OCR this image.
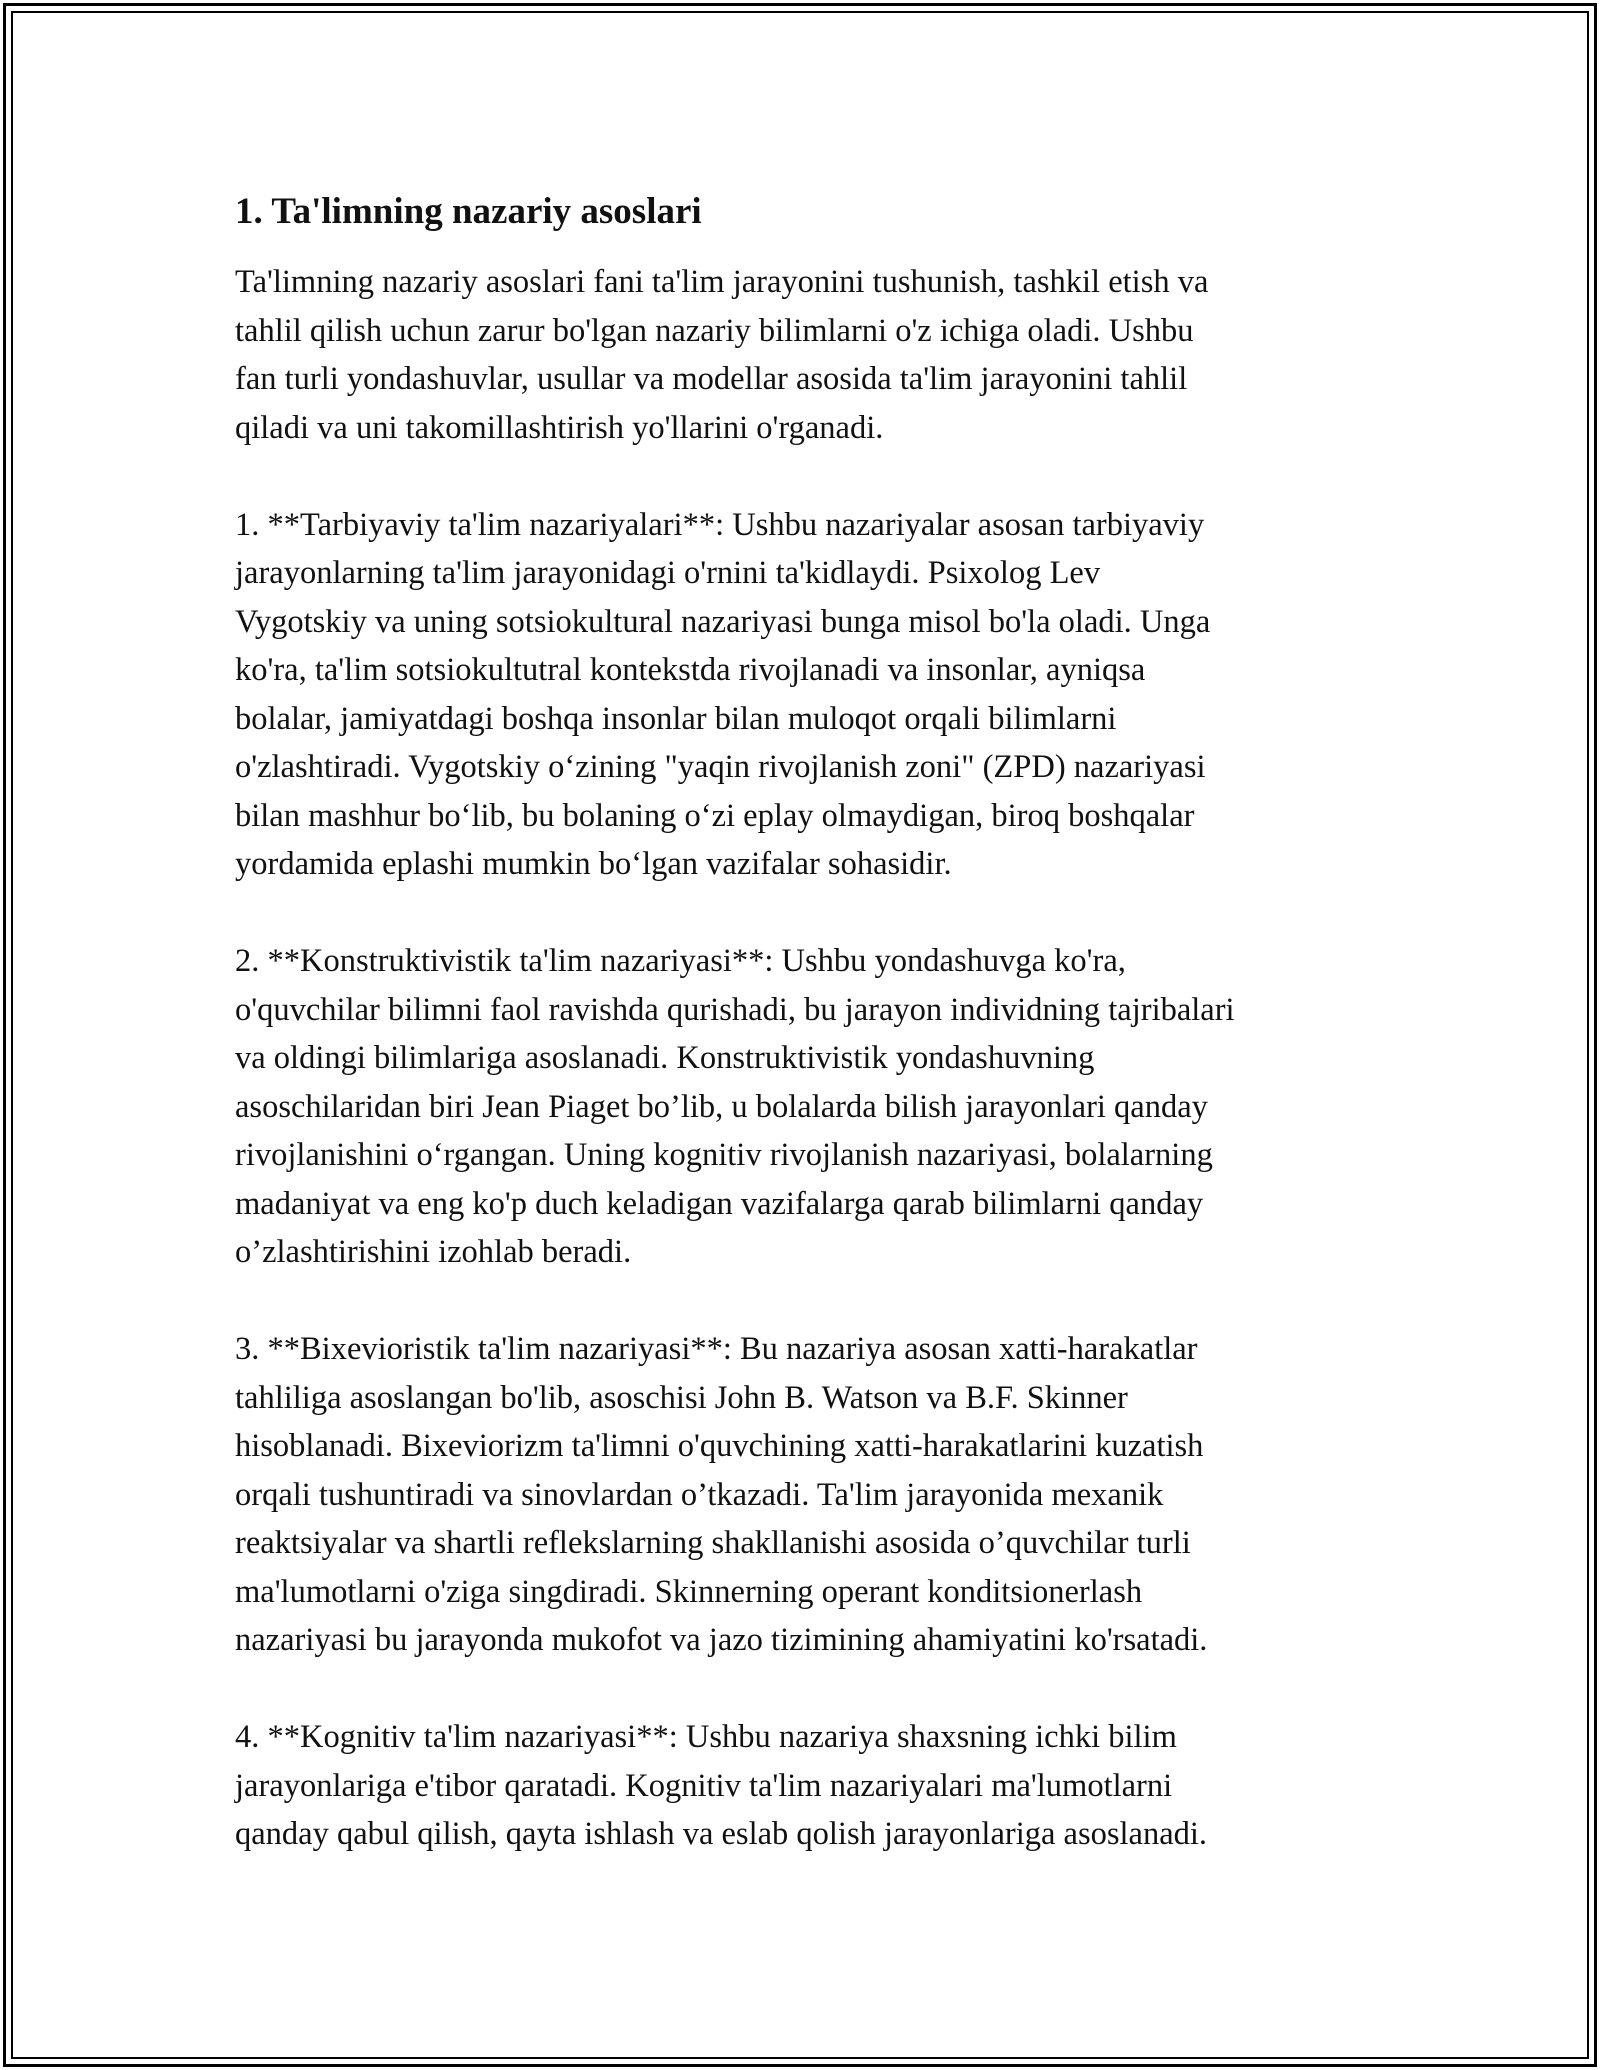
1. Ta'limning nazariy asoslari

Ta'limning nazariy asoslari fani ta'lim jarayonini tushunish, tashkil etish va
tahlil qilish uchun zarur bo'lgan nazariy bilimlarni o'z ichiga oladi. Ushbu
fan turli yondashuvlar, usullar va modellar asosida ta'lim jarayonini tahlil
qiladi va uni takomillashtirish yo'llarini o'rganadi.

1. **Tarbiyaviy ta'lim nazariyalari**: Ushbu nazariyalar asosan tarbiyaviy
jarayonlarning ta'lim jarayonidagi o'rnini ta'kidlaydi. Psixolog Lev
Vygotskiy va uning sotsiokultural nazariyasi bunga misol bo'la oladi. Unga
ko'ra, ta'lim sotsiokultutral kontekstda rivojlanadi va insonlar, ayniqsa
bolalar, jamiyatdagi boshqa insonlar bilan muloqot orqali bilimlarni
o'zlashtiradi. Vygotskiy o‘zining "yaqin rivojlanish zoni" (ZPD) nazariyasi
bilan mashhur bo‘lib, bu bolaning o‘zi eplay olmaydigan, biroq boshqalar
yordamida eplashi mumkin bo‘lgan vazifalar sohasidir.

2. **Konstruktivistik ta'lim nazariyasi**: Ushbu yondashuvga ko'ra,
o'quvchilar bilimni faol ravishda qurishadi, bu jarayon individning tajribalari
va oldingi bilimlariga asoslanadi. Konstruktivistik yondashuvning
asoschilaridan biri Jean Piaget bo’lib, u bolalarda bilish jarayonlari qanday
rivojlanishini o‘rgangan. Uning kognitiv rivojlanish nazariyasi, bolalarning
madaniyat va eng ko'p duch keladigan vazifalarga qarab bilimlarni qanday
o’zlashtirishini izohlab beradi.

3. **Bixevioristik ta'lim nazariyasi**: Bu nazariya asosan xatti-harakatlar
tahliliga asoslangan bo'lib, asoschisi John B. Watson va B.F. Skinner
hisoblanadi. Bixeviorizm ta'limni o'quvchining xatti-harakatlarini kuzatish
orqali tushuntiradi va sinovlardan o’tkazadi. Ta'lim jarayonida mexanik
reaktsiyalar va shartli reflekslarning shakllanishi asosida o’quvchilar turli
ma'lumotlarni o'ziga singdiradi. Skinnerning operant konditsionerlash
nazariyasi bu jarayonda mukofot va jazo tizimining ahamiyatini ko'rsatadi.

4. **Kognitiv ta'lim nazariyasi**: Ushbu nazariya shaxsning ichki bilim
jarayonlariga e'tibor qaratadi. Kognitiv ta'lim nazariyalari ma'lumotlarni
qanday qabul qilish, qayta ishlash va eslab qolish jarayonlariga asoslanadi.
